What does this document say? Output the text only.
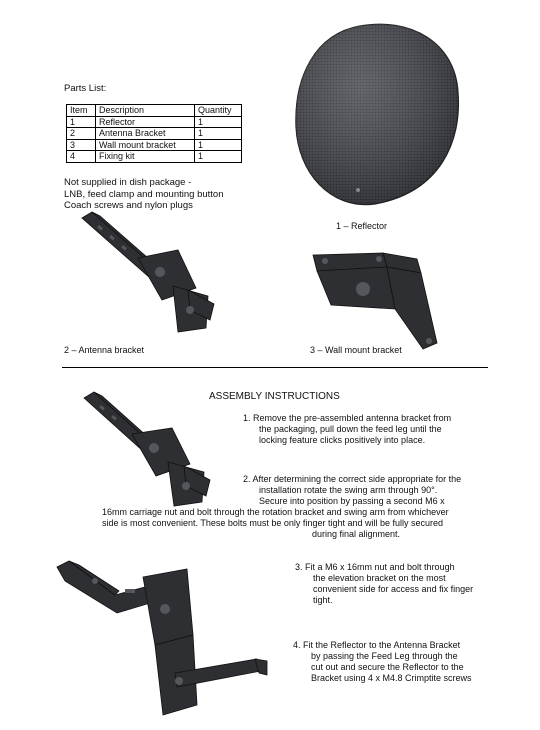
Parts List:
Item	Description	Quantity
1	Reflector	1
2	Antenna Bracket	1
3	Wall mount bracket	1
4	Fixing kit	1
Not supplied in dish package -
LNB, feed clamp and mounting button
Coach screws and nylon plugs
1 – Reflector
2 – Antenna bracket	3 – Wall mount bracket
ASSEMBLY INSTRUCTIONS
1. Remove the pre-assembled antenna bracket from
the packaging, pull down the feed leg until the
locking feature clicks positively into place.
2. After determining the correct side appropriate for the
installation rotate the swing arm through 90°.
Secure into position by passing a second M6 x
16mm carriage nut and bolt through the rotation bracket and swing arm from whichever
side is most convenient. These bolts must be only finger tight and will be fully secured
during final alignment.
3. Fit a M6 x 16mm nut and bolt through
the elevation bracket on the most
convenient side for access and fix finger
tight.
4. Fit the Reflector to the Antenna Bracket
by passing the Feed Leg through the
cut out and secure the Reflector to the
Bracket using 4 x M4.8 Crimptite screws
